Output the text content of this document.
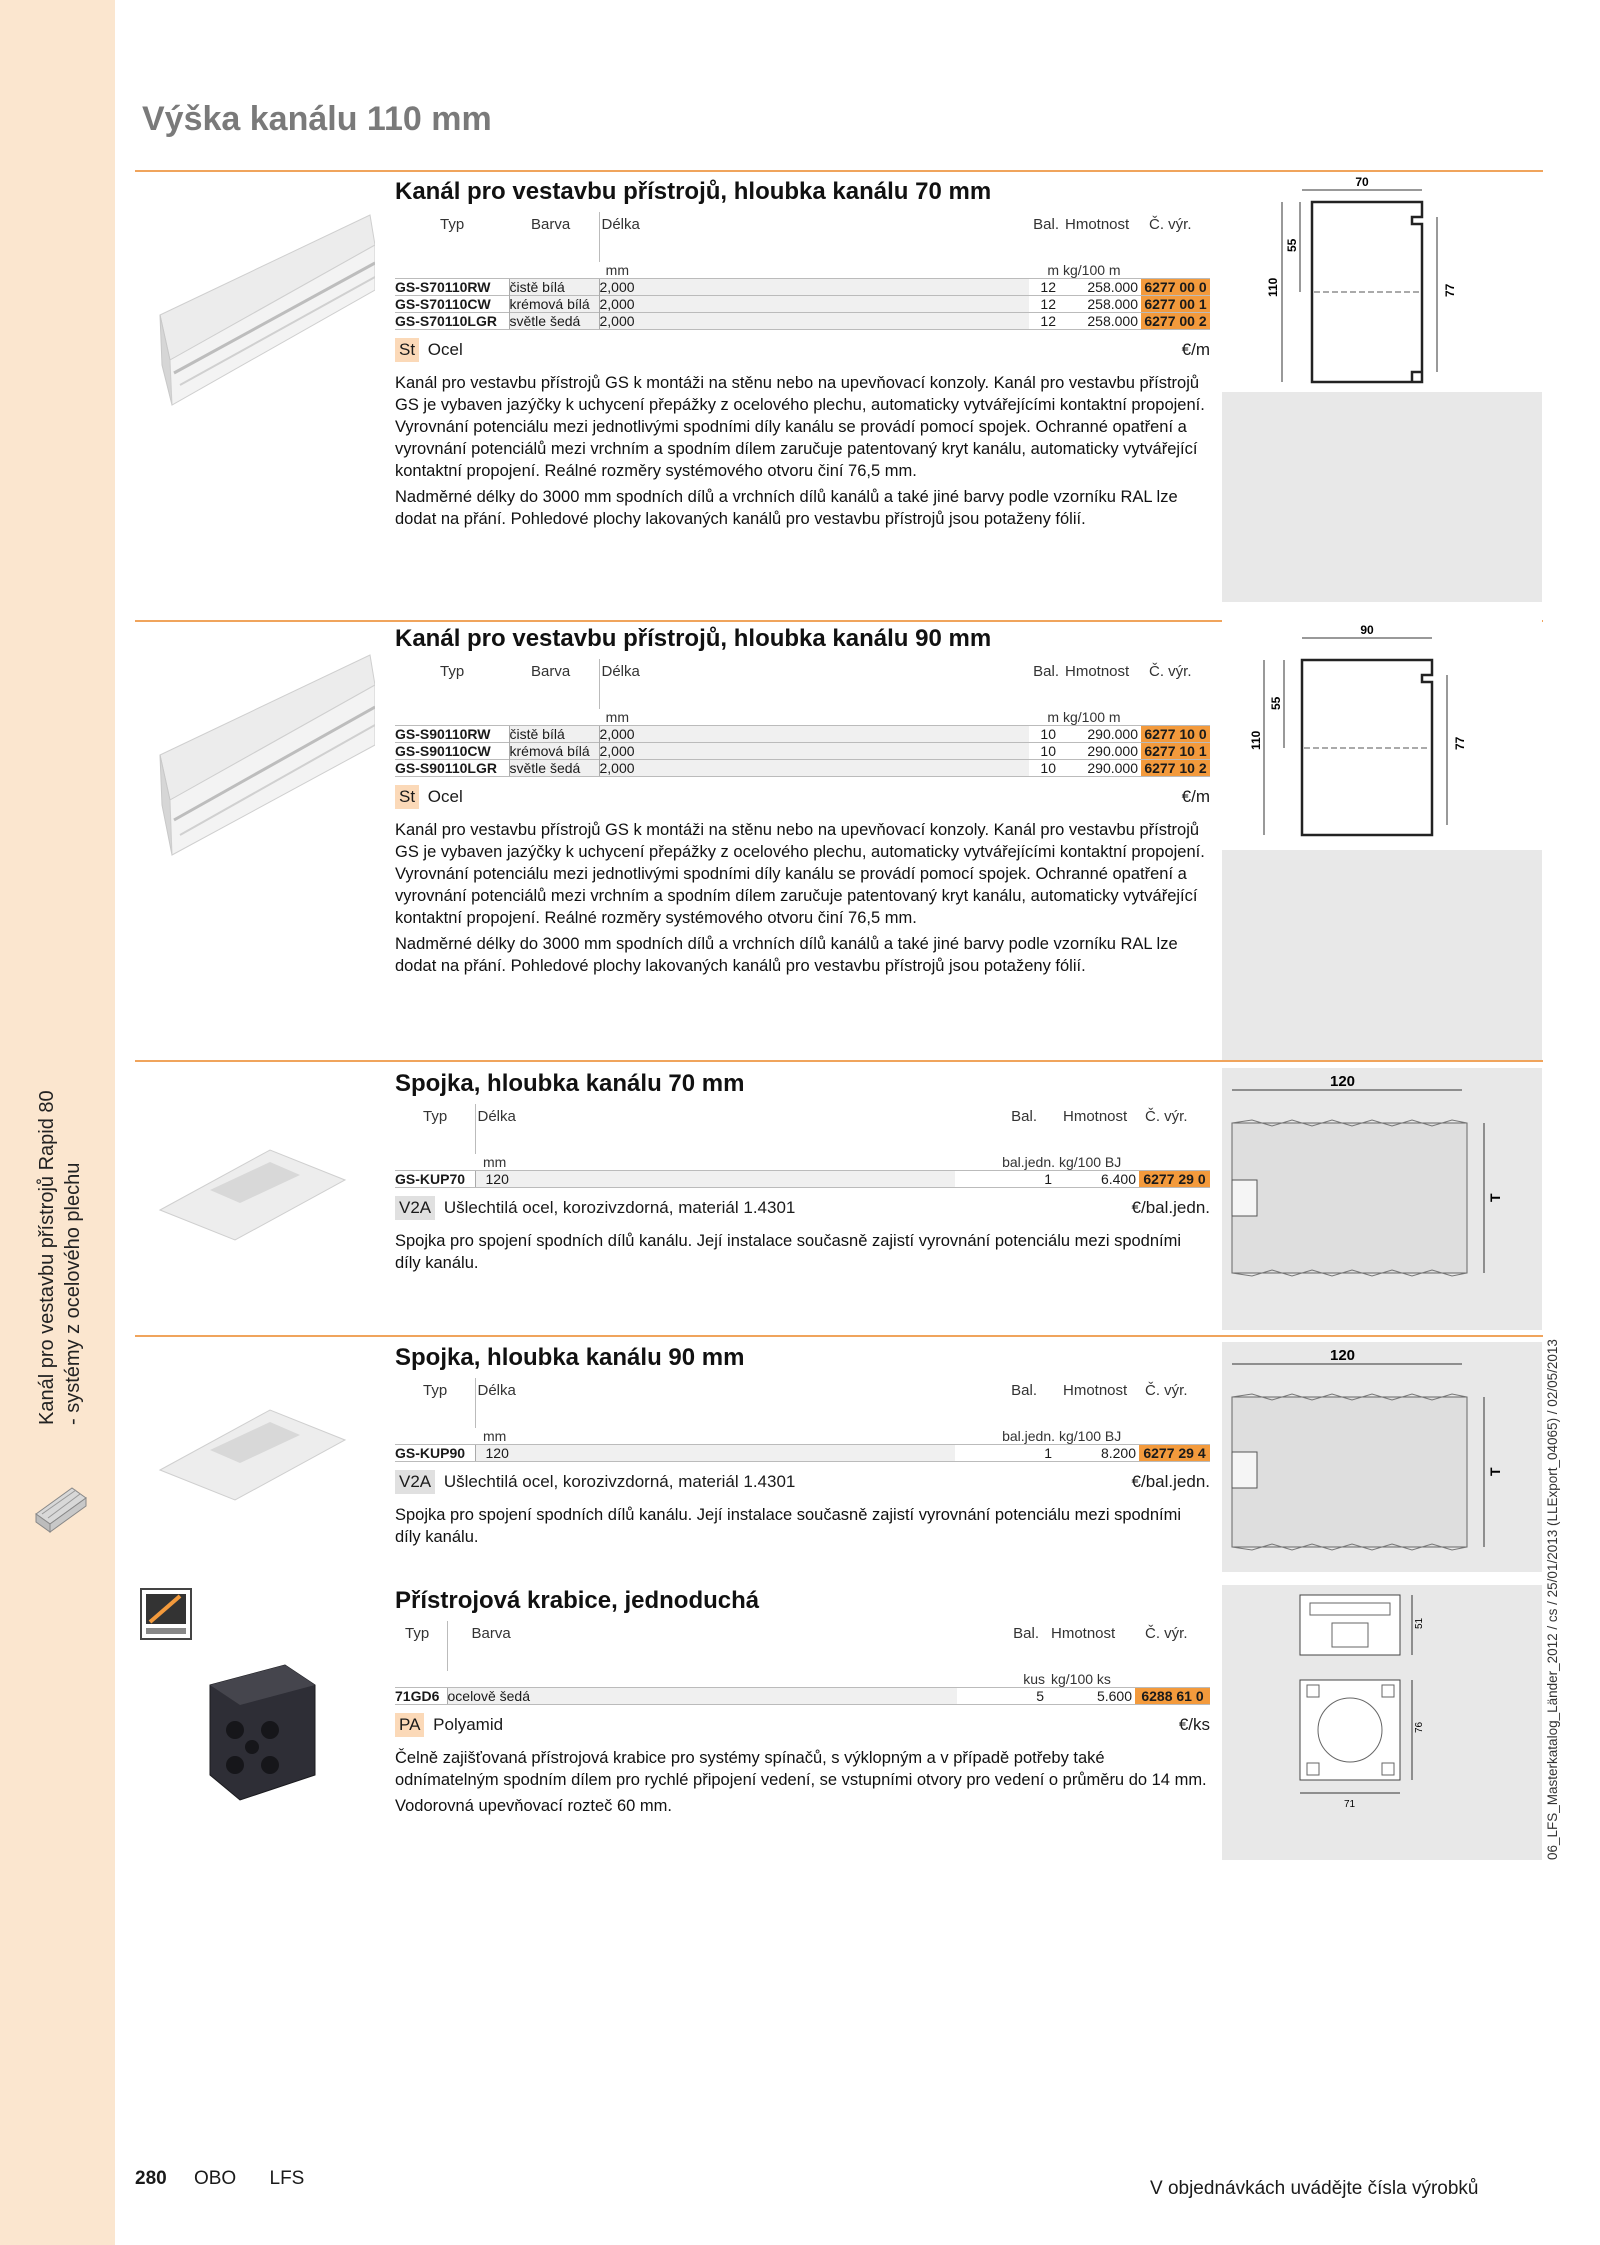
Kanál pro vestavbu přístrojů Rapid 80 - systémy z ocelového plechu
06_LFS_Masterkatalog_Länder_2012 / cs / 25/01/2013 (LLExport_04065) / 02/05/2013
Výška kanálu 110 mm
Kanál pro vestavbu přístrojů, hloubka kanálu 70 mm
Typ	Barva	Délka	Bal.	Hmotnost	Č. výr.
		mm	m	kg/100 m	
GS-S70110RW	čistě bílá	2,000	12	258.000	6277 00 0
GS-S70110CW	krémová bílá	2,000	12	258.000	6277 00 1
GS-S70110LGR	světle šedá	2,000	12	258.000	6277 00 2
St Ocel	€/m

Kanál pro vestavbu přístrojů GS k montáži na stěnu nebo na upevňovací konzoly. Kanál pro vestavbu přístrojů GS je vybaven jazýčky k uchycení přepážky z ocelového plechu, automaticky vytvářejícími kontaktní propojení. Vyrovnání potenciálu mezi jednotlivými spodními díly kanálu se provádí pomocí spojek. Ochranné opatření a vyrovnání potenciálů mezi vrchním a spodním dílem zaručuje patentovaný kryt kanálu, automaticky vytvářející kontaktní propojení. Reálné rozměry systémového otvoru činí 76,5 mm.

Nadměrné délky do 3000 mm spodních dílů a vrchních dílů kanálů a také jiné barvy podle vzorníku RAL lze dodat na přání. Pohledové plochy lakovaných kanálů pro vestavbu přístrojů jsou potaženy fólií.

70
110
55
77
Kanál pro vestavbu přístrojů, hloubka kanálu 90 mm
Typ	Barva	Délka	Bal.	Hmotnost	Č. výr.
		mm	m	kg/100 m	
GS-S90110RW	čistě bílá	2,000	10	290.000	6277 10 0
GS-S90110CW	krémová bílá	2,000	10	290.000	6277 10 1
GS-S90110LGR	světle šedá	2,000	10	290.000	6277 10 2
St Ocel	€/m

Kanál pro vestavbu přístrojů GS k montáži na stěnu nebo na upevňovací konzoly. Kanál pro vestavbu přístrojů GS je vybaven jazýčky k uchycení přepážky z ocelového plechu, automaticky vytvářejícími kontaktní propojení. Vyrovnání potenciálu mezi jednotlivými spodními díly kanálu se provádí pomocí spojek. Ochranné opatření a vyrovnání potenciálů mezi vrchním a spodním dílem zaručuje patentovaný kryt kanálu, automaticky vytvářející kontaktní propojení. Reálné rozměry systémového otvoru činí 76,5 mm.

Nadměrné délky do 3000 mm spodních dílů a vrchních dílů kanálů a také jiné barvy podle vzorníku RAL lze dodat na přání. Pohledové plochy lakovaných kanálů pro vestavbu přístrojů jsou potaženy fólií.

90
110
55
77
Spojka, hloubka kanálu 70 mm
Typ	Délka	Bal.	Hmotnost	Č. výr.
	mm	bal.jedn.	kg/100 BJ	
GS-KUP70	120	1	6.400	6277 29 0
V2A Ušlechtilá ocel, korozivzdorná, materiál 1.4301	€/bal.jedn.

Spojka pro spojení spodních dílů kanálu. Její instalace současně zajistí vyrovnání potenciálu mezi spodními díly kanálu.

120
T
Spojka, hloubka kanálu 90 mm
Typ	Délka	Bal.	Hmotnost	Č. výr.
	mm	bal.jedn.	kg/100 BJ	
GS-KUP90	120	1	8.200	6277 29 4
V2A Ušlechtilá ocel, korozivzdorná, materiál 1.4301	€/bal.jedn.

Spojka pro spojení spodních dílů kanálu. Její instalace současně zajistí vyrovnání potenciálu mezi spodními díly kanálu.

120
T
Přístrojová krabice, jednoduchá
Typ	Barva	Bal.	Hmotnost	Č. výr.
		kus	kg/100 ks	
71GD6	ocelově šedá	5	5.600	6288 61 0
PA Polyamid	€/ks

Čelně zajišťovaná přístrojová krabice pro systémy spínačů, s výklopným a v případě potřeby také odnímatelným spodním dílem pro rychlé připojení vedení, se vstupními otvory pro vedení o průměru do 14 mm.

Vodorovná upevňovací rozteč 60 mm.

51
76
71
280 OBO LFS	V objednávkách uvádějte čísla výrobků
